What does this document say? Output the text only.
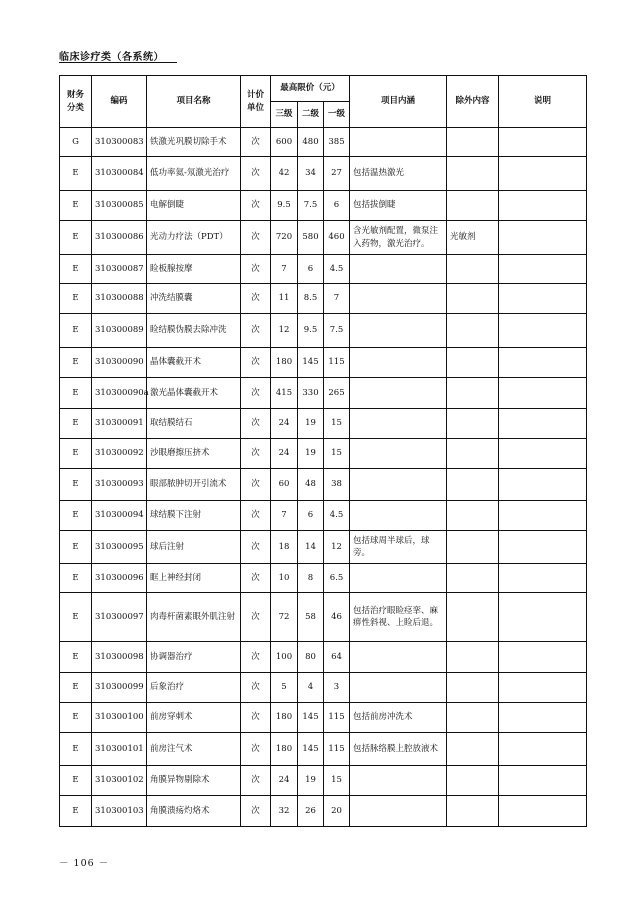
临床诊疗类（各系统）
财务分类	编码	项目名称	计价单位	最高限价（元）			项目内涵	除外内容	说明
				三级	二级	一级			
G	310300083	铁激光巩膜切除手术	次	600	480	385			
E	310300084	低功率氦-氖激光治疗	次	42	34	27	包括温热激光		
E	310300085	电解倒睫	次	9.5	7.5	6	包括拔倒睫		
E	310300086	光动力疗法（PDT）	次	720	580	460	含光敏剂配置，微泵注入药物，激光治疗。	光敏剂	
E	310300087	睑板腺按摩	次	7	6	4.5			
E	310300088	冲洗结膜囊	次	11	8.5	7			
E	310300089	睑结膜伪膜去除冲洗	次	12	9.5	7.5			
E	310300090	晶体囊截开术	次	180	145	115			
E	310300090a	激光晶体囊截开术	次	415	330	265			
E	310300091	取结膜结石	次	24	19	15			
E	310300092	沙眼磨擦压挤术	次	24	19	15			
E	310300093	眼部脓肿切开引流术	次	60	48	38			
E	310300094	球结膜下注射	次	7	6	4.5			
E	310300095	球后注射	次	18	14	12	包括球周半球后，球旁。		
E	310300096	眶上神经封闭	次	10	8	6.5			
E	310300097	肉毒杆菌素眼外肌注射	次	72	58	46	包括治疗眼睑痉挛、麻痹性斜视、上睑后退。		
E	310300098	协调器治疗	次	100	80	64			
E	310300099	后象治疗	次	5	4	3			
E	310300100	前房穿刺术	次	180	145	115	包括前房冲洗术		
E	310300101	前房注气术	次	180	145	115	包括脉络膜上腔放液术		
E	310300102	角膜异物剔除术	次	24	19	15			
E	310300103	角膜溃疡灼烙术	次	32	26	20			
－ 106 －
